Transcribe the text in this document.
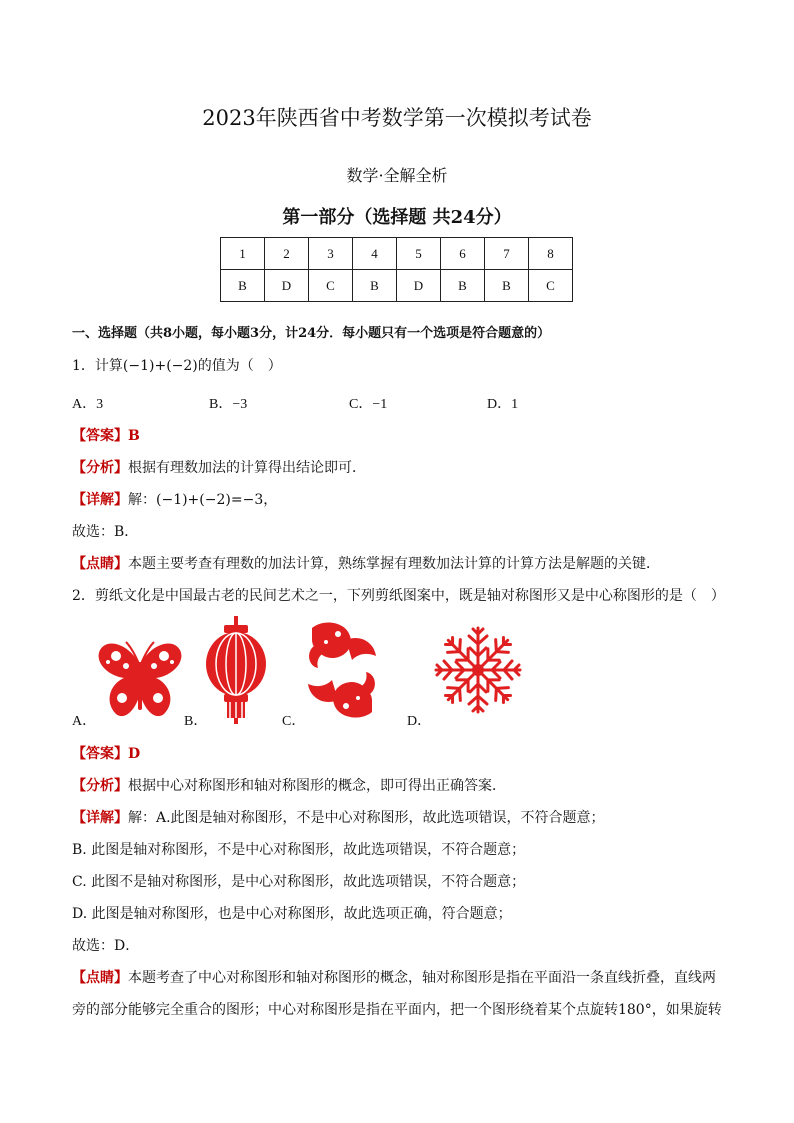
2023年陕西省中考数学第一次模拟考试卷
数学·全解全析
第一部分（选择题 共24分）
1	2	3	4	5	6	7	8
B	D	C	B	D	B	B	C
一、选择题（共8小题，每小题3分，计24分．每小题只有一个选项是符合题意的）
1．计算(−1)+(−2)的值为（　）
A．3	B．−3	C．−1	D．1
【答案】B
【分析】根据有理数加法的计算得出结论即可．
【详解】解：(−1)+(−2)=−3，
故选：B．
【点睛】本题主要考查有理数的加法计算，熟练掌握有理数加法计算的计算方法是解题的关键．
2．剪纸文化是中国最古老的民间艺术之一，下列剪纸图案中，既是轴对称图形又是中心称图形的是（　）
A．	B．	C．	D．
【答案】D
【分析】根据中心对称图形和轴对称图形的概念，即可得出正确答案．
【详解】解：A.此图是轴对称图形，不是中心对称图形，故此选项错误，不符合题意；
B. 此图是轴对称图形，不是中心对称图形，故此选项错误，不符合题意；
C. 此图不是轴对称图形，是中心对称图形，故此选项错误，不符合题意；
D. 此图是轴对称图形，也是中心对称图形，故此选项正确，符合题意；
故选：D．
【点睛】本题考查了中心对称图形和轴对称图形的概念，轴对称图形是指在平面沿一条直线折叠，直线两
旁的部分能够完全重合的图形；中心对称图形是指在平面内，把一个图形绕着某个点旋转180°，如果旋转
